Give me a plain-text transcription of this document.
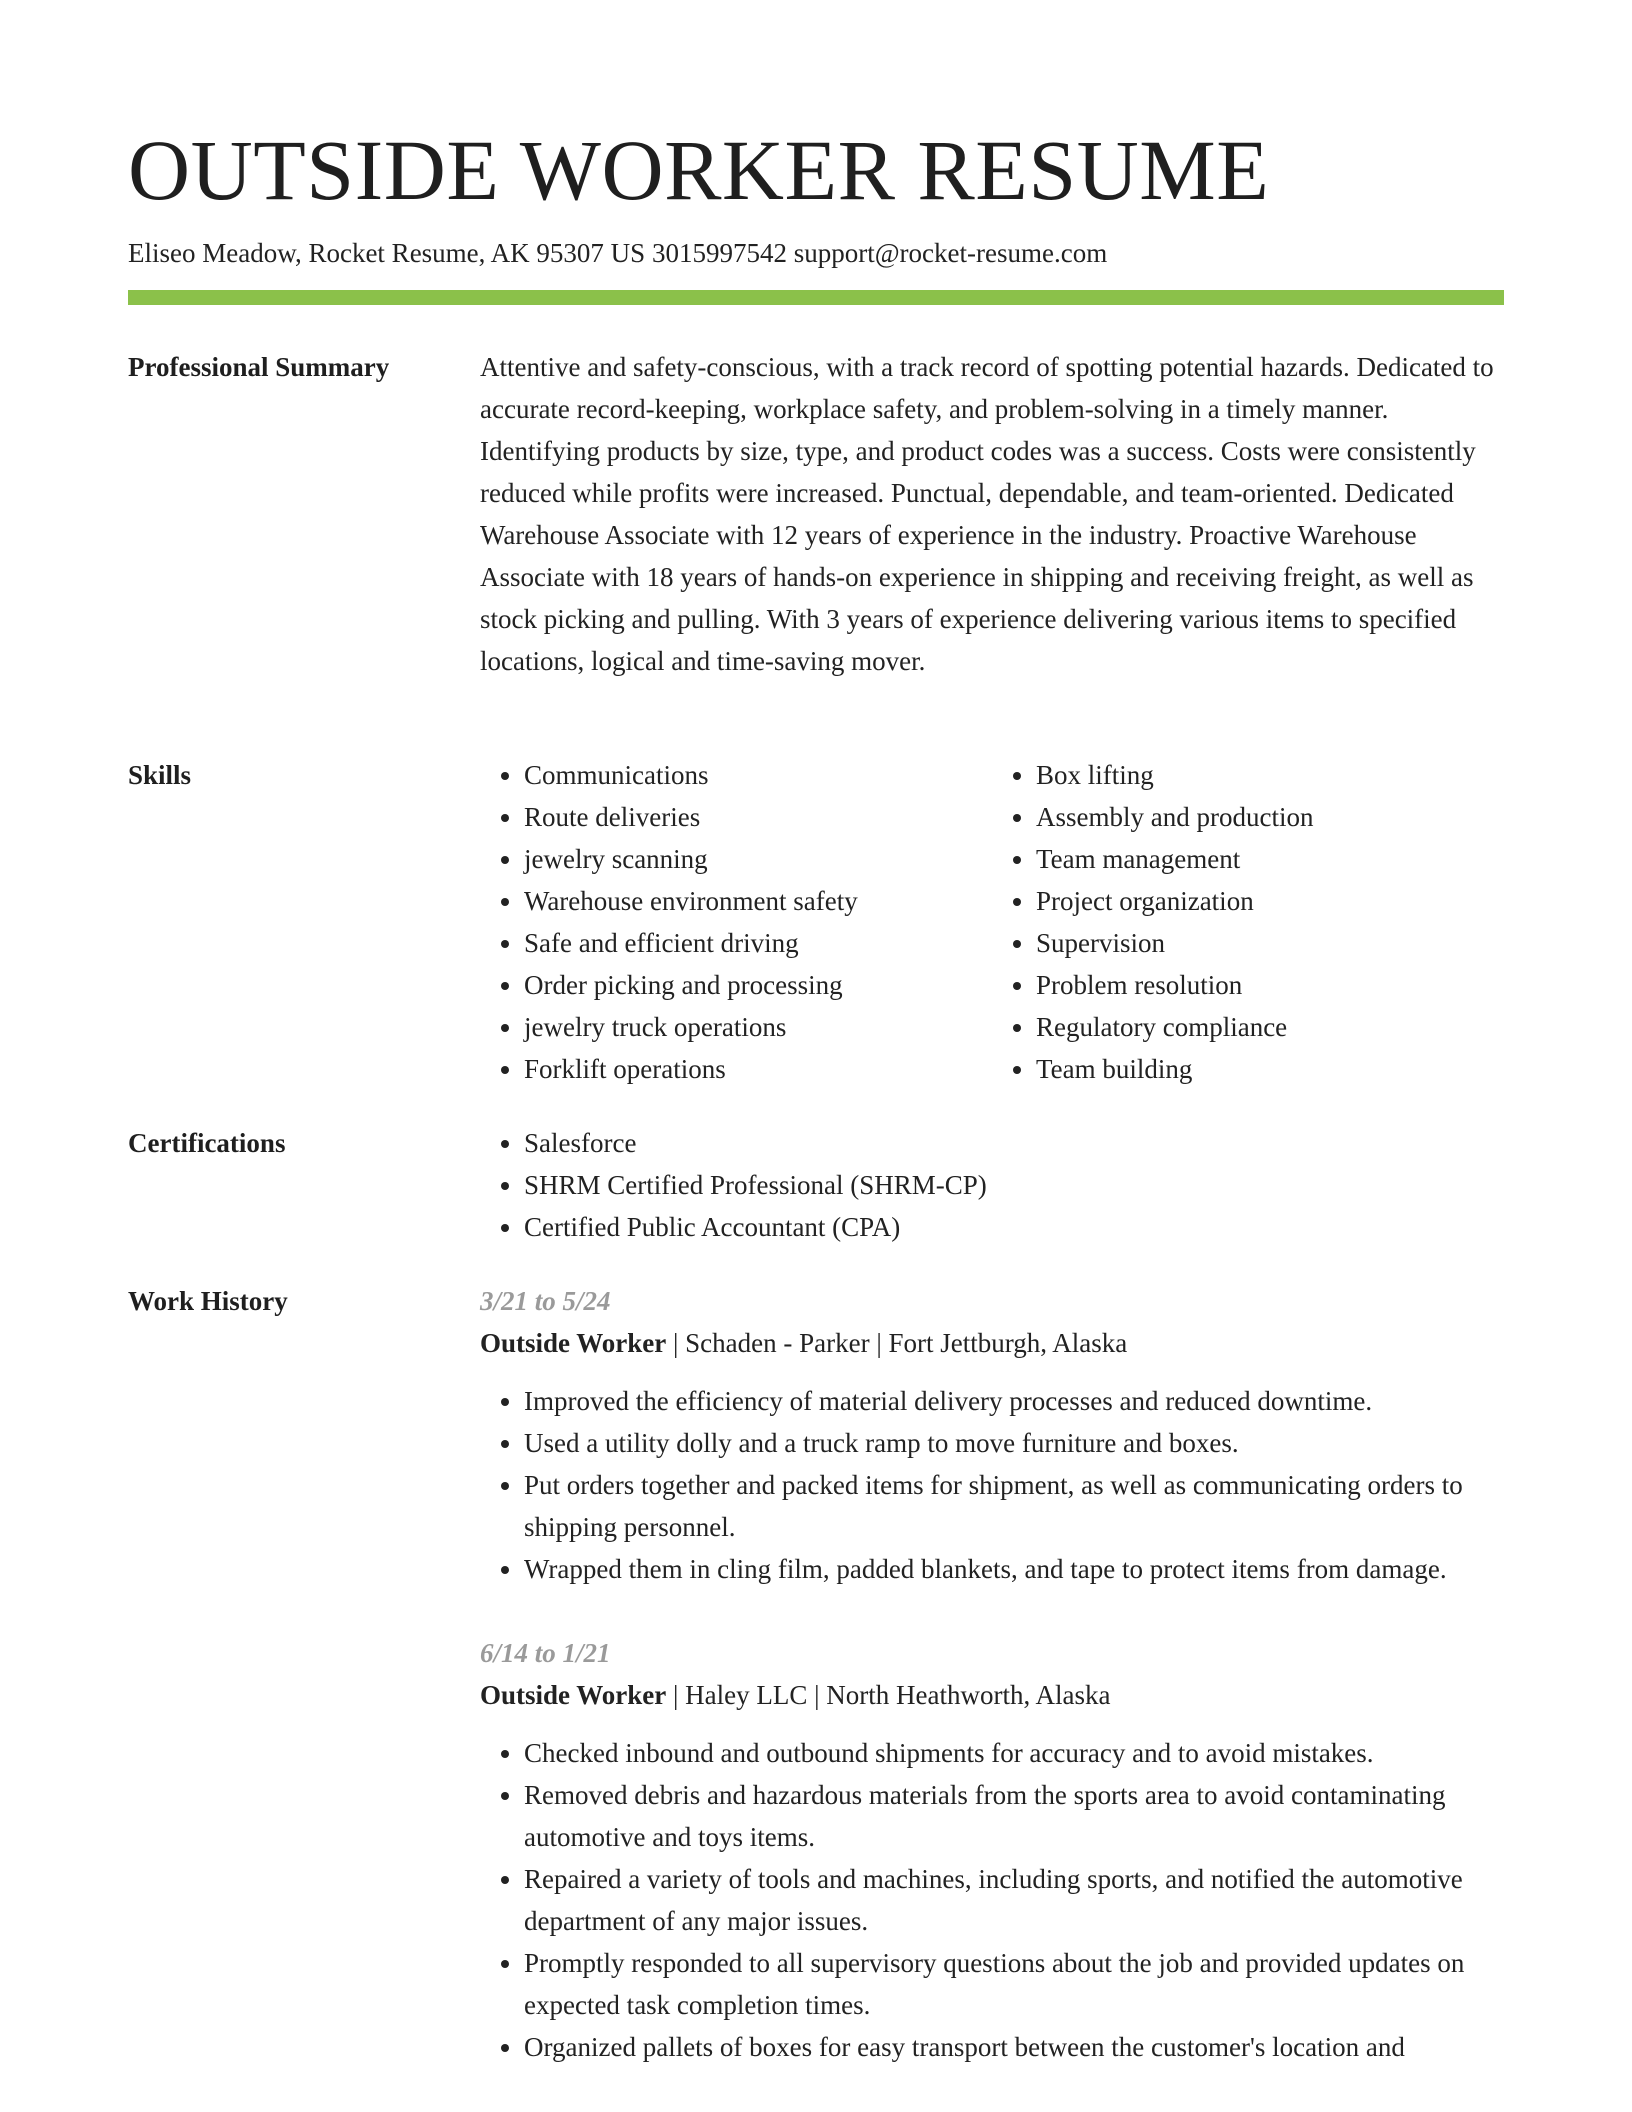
OUTSIDE WORKER RESUME
Eliseo Meadow, Rocket Resume, AK 95307 US 3015997542 support@rocket-resume.com
Professional Summary	Attentive and safety-conscious, with a track record of spotting potential hazards. Dedicated to accurate record-keeping, workplace safety, and problem-solving in a timely manner. Identifying products by size, type, and product codes was a success. Costs were consistently reduced while profits were increased. Punctual, dependable, and team-oriented. Dedicated Warehouse Associate with 12 years of experience in the industry. Proactive Warehouse Associate with 18 years of hands-on experience in shipping and receiving freight, as well as stock picking and pulling. With 3 years of experience delivering various items to specified locations, logical and time-saving mover.

Skills	• Communications
• Route deliveries
• jewelry scanning
• Warehouse environment safety
• Safe and efficient driving
• Order picking and processing
• jewelry truck operations
• Forklift operations
• Box lifting
• Assembly and production
• Team management
• Project organization
• Supervision
• Problem resolution
• Regulatory compliance
• Team building
Certifications	• Salesforce
• SHRM Certified Professional (SHRM-CP)
• Certified Public Accountant (CPA)
Work History	3/21 to 5/24
Outside Worker | Schaden - Parker | Fort Jettburgh, Alaska
• Improved the efficiency of material delivery processes and reduced downtime.
• Used a utility dolly and a truck ramp to move furniture and boxes.
• Put orders together and packed items for shipment, as well as communicating orders to shipping personnel.
• Wrapped them in cling film, padded blankets, and tape to protect items from damage.
6/14 to 1/21
Outside Worker | Haley LLC | North Heathworth, Alaska
• Checked inbound and outbound shipments for accuracy and to avoid mistakes.
• Removed debris and hazardous materials from the sports area to avoid contaminating automotive and toys items.
• Repaired a variety of tools and machines, including sports, and notified the automotive department of any major issues.
• Promptly responded to all supervisory questions about the job and provided updates on expected task completion times.
• Organized pallets of boxes for easy transport between the customer's location and
